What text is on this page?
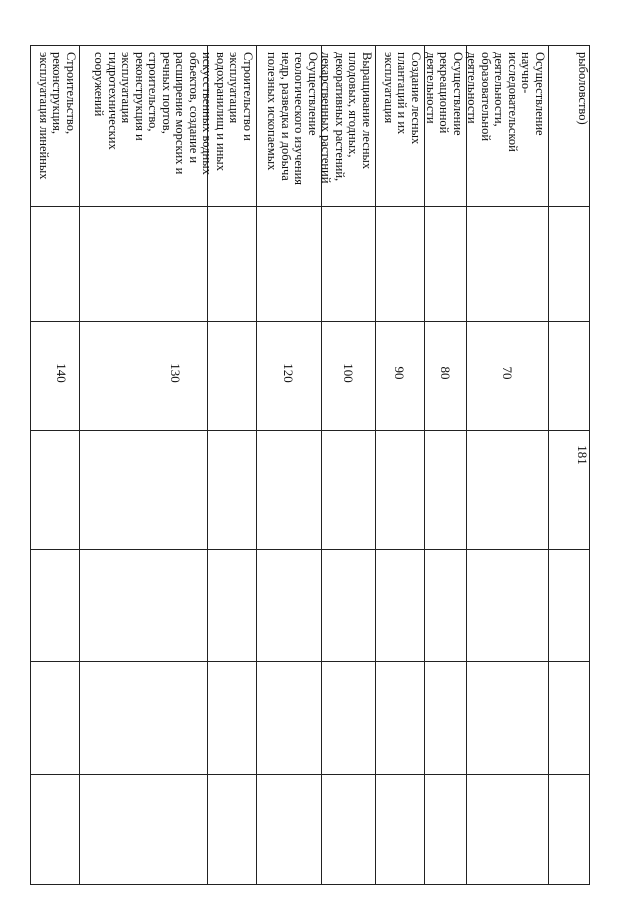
181
рыболовство)
Осуществление
научно-
исследовательской
деятельности,
образовательной
деятельности
70
Осуществление
рекреационной
деятельности
80
Создание лесных
плантаций и их
эксплуатация
90
Выращивание лесных
плодовых, ягодных,
декоративных растений,
лекарственных растений
100
Осуществление
геологического изучения
недр, разведка и добыча
полезных ископаемых
120
Строительство и
эксплуатация
водохранилищ и иных
искусственных водных
объектов, создание и
расширение морских и
речных портов,
строительство,
реконструкция и
эксплуатация
гидротехнических
сооружений
130
Строительство,
реконструкция,
эксплуатация линейных
140
